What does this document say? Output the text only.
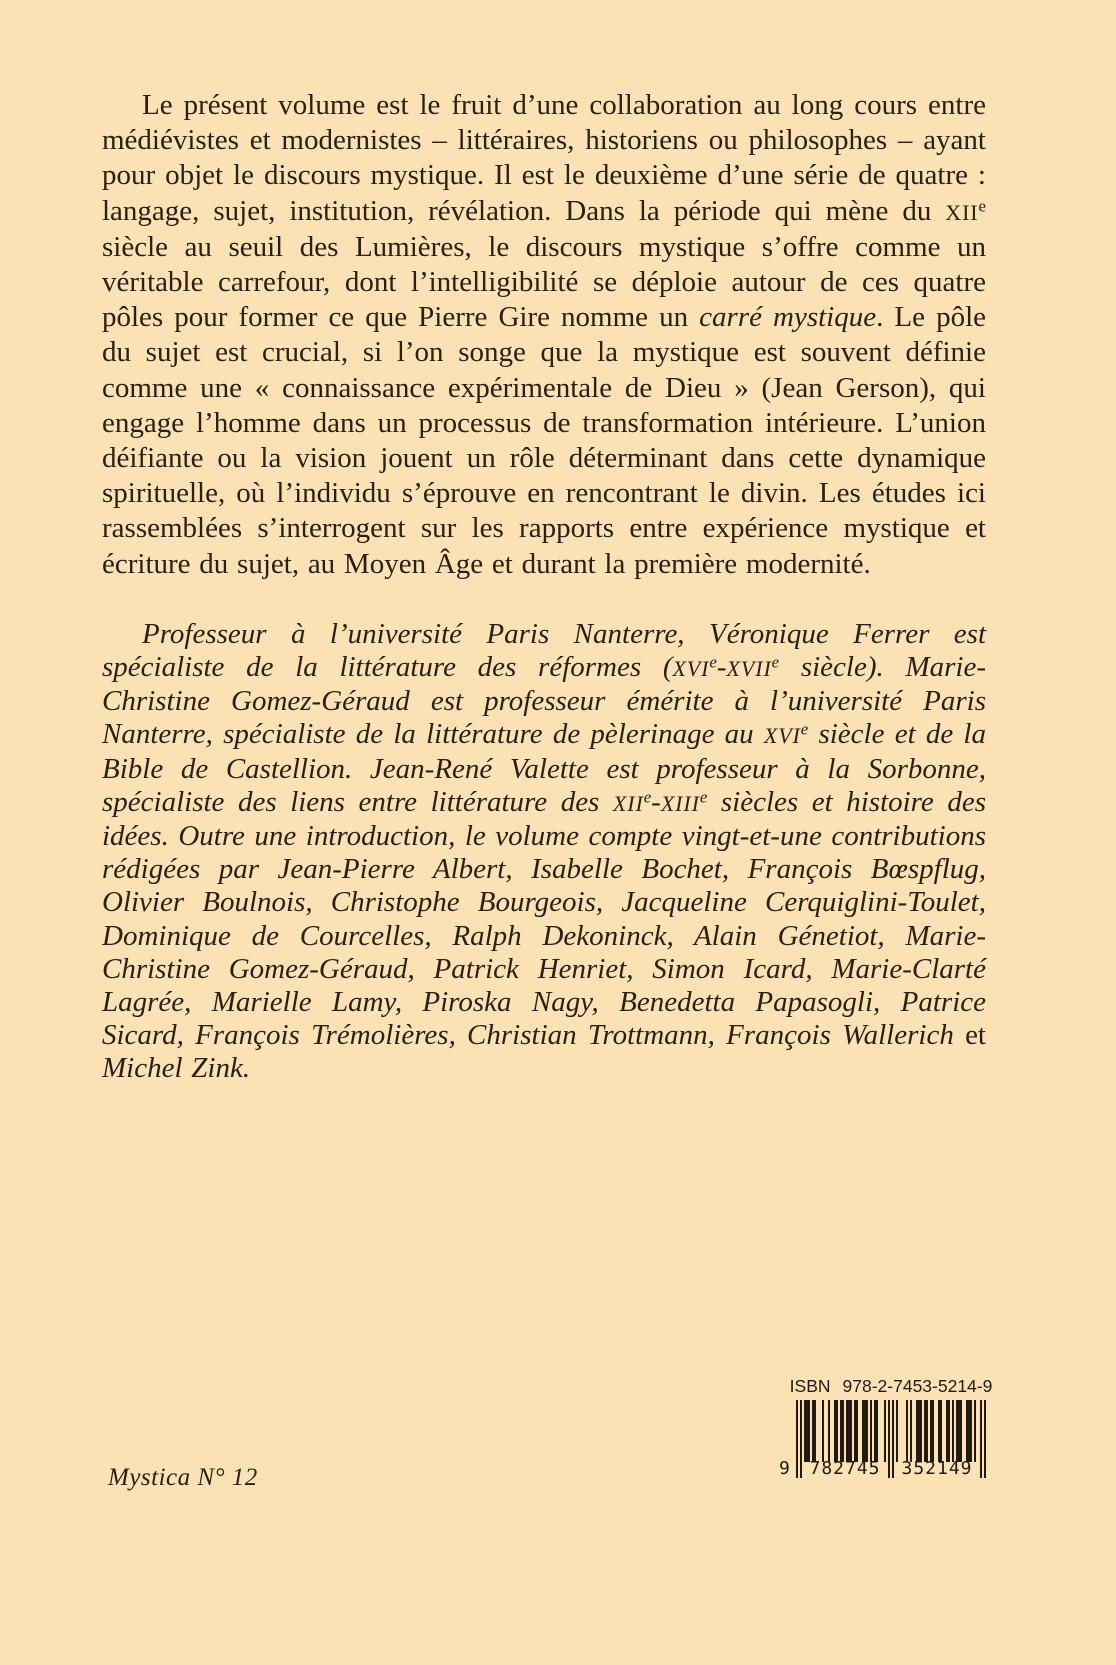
Le présent volume est le fruit d’une collaboration au long cours entre médiévistes et modernistes – littéraires, historiens ou philosophes – ayant pour objet le discours mystique. Il est le deuxième d’une série de quatre : langage, sujet, institution, révélation. Dans la période qui mène du XIIe siècle au seuil des Lumières, le discours mystique s’offre comme un véritable carrefour, dont l’intelligibilité se déploie autour de ces quatre pôles pour former ce que Pierre Gire nomme un carré mystique. Le pôle du sujet est crucial, si l’on songe que la mystique est souvent définie comme une « connaissance expérimentale de Dieu » (Jean Gerson), qui engage l’homme dans un processus de transformation intérieure. L’union déifiante ou la vision jouent un rôle déterminant dans cette dynamique spirituelle, où l’individu s’éprouve en rencontrant le divin. Les études ici rassemblées s’interrogent sur les rapports entre expérience mystique et écriture du sujet, au Moyen Âge et durant la première modernité.

Professeur à l’université Paris Nanterre, Véronique Ferrer est spécialiste de la littérature des réformes (XVIe-XVIIe siècle). Marie-Christine Gomez-Géraud est professeur émérite à l’université Paris Nanterre, spécialiste de la littérature de pèlerinage au XVIe siècle et de la Bible de Castellion. Jean-René Valette est professeur à la Sorbonne, spécialiste des liens entre littérature des XIIe-XIIIe siècles et histoire des idées. Outre une introduction, le volume compte vingt-et-une contributions rédigées par Jean-Pierre Albert, Isabelle Bochet, François Bœspflug, Olivier Boulnois, Christophe Bourgeois, Jacqueline Cerquiglini-Toulet, Dominique de Courcelles, Ralph Dekoninck, Alain Génetiot, Marie-Christine Gomez-Géraud, Patrick Henriet, Simon Icard, Marie-Clarté Lagrée, Marielle Lamy, Piroska Nagy, Benedetta Papasogli, Patrice Sicard, François Trémolières, Christian Trottmann, François Wallerich et Michel Zink.

Mystica N° 12
ISBN 978-2-7453-5214-9
9	782745	352149
